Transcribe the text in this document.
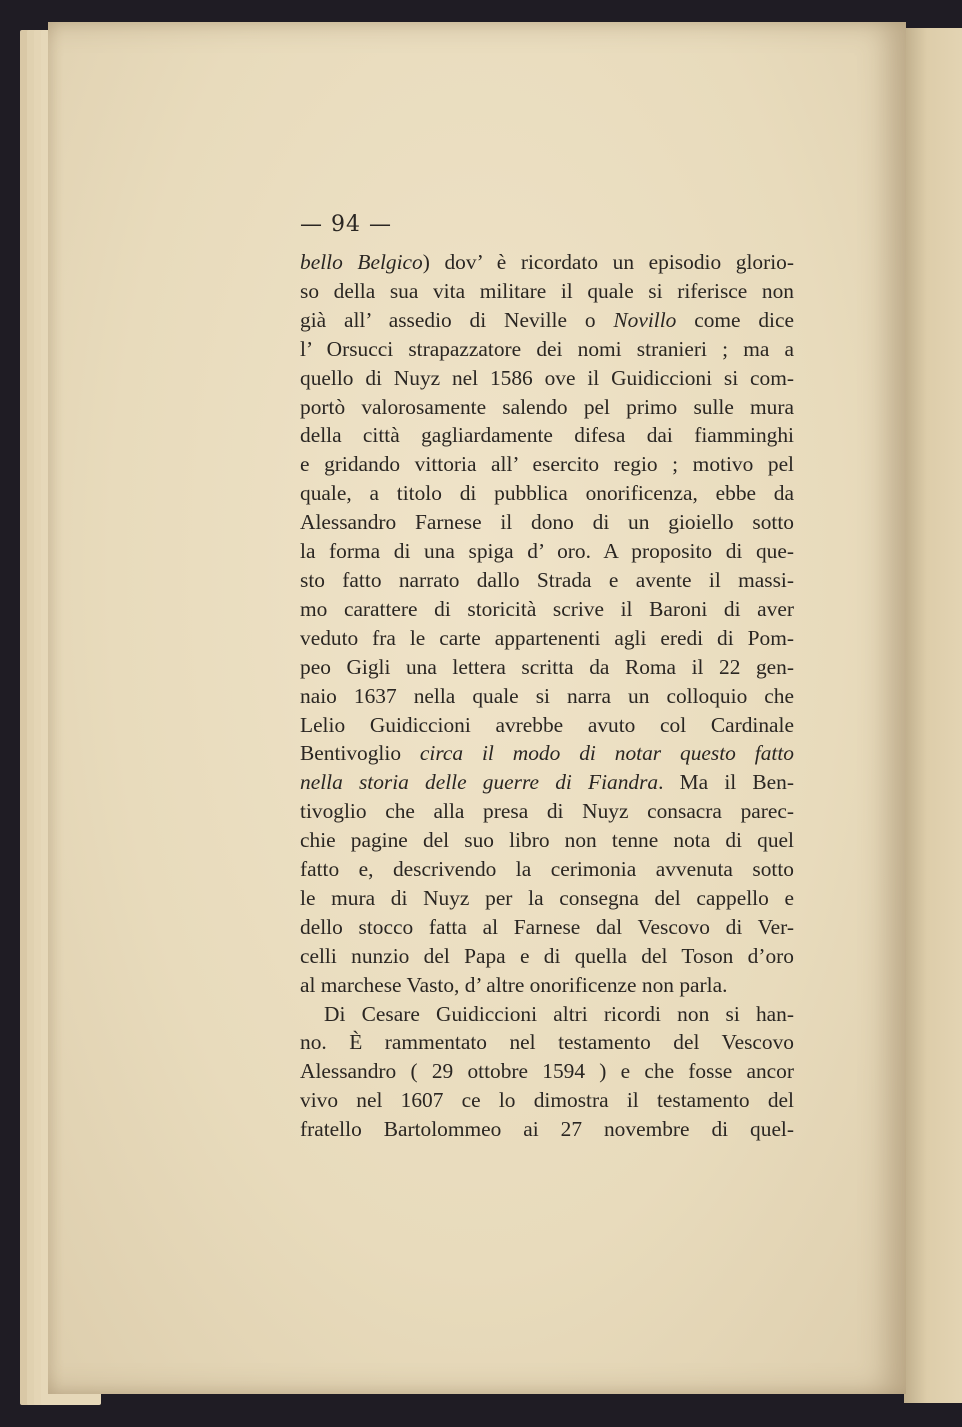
— 94 —
bello Belgico) dov’ è ricordato un episodio glorio-
so della sua vita militare il quale si riferisce non
già all’ assedio di Neville o Novillo come dice
l’ Orsucci strapazzatore dei nomi stranieri ; ma a
quello di Nuyz nel 1586 ove il Guidiccioni si com-
portò valorosamente salendo pel primo sulle mura
della città gagliardamente difesa dai fiamminghi
e gridando vittoria all’ esercito regio ; motivo pel
quale, a titolo di pubblica onorificenza, ebbe da
Alessandro Farnese il dono di un gioiello sotto
la forma di una spiga d’ oro. A proposito di que-
sto fatto narrato dallo Strada e avente il massi-
mo carattere di storicità scrive il Baroni di aver
veduto fra le carte appartenenti agli eredi di Pom-
peo Gigli una lettera scritta da Roma il 22 gen-
naio 1637 nella quale si narra un colloquio che
Lelio Guidiccioni avrebbe avuto col Cardinale
Bentivoglio circa il modo di notar questo fatto
nella storia delle guerre di Fiandra. Ma il Ben-
tivoglio che alla presa di Nuyz consacra parec-
chie pagine del suo libro non tenne nota di quel
fatto e, descrivendo la cerimonia avvenuta sotto
le mura di Nuyz per la consegna del cappello e
dello stocco fatta al Farnese dal Vescovo di Ver-
celli nunzio del Papa e di quella del Toson d’oro
al marchese Vasto, d’ altre onorificenze non parla.
Di Cesare Guidiccioni altri ricordi non si han-
no. È rammentato nel testamento del Vescovo
Alessandro ( 29 ottobre 1594 ) e che fosse ancor
vivo nel 1607 ce lo dimostra il testamento del
fratello Bartolommeo ai 27 novembre di quel-
